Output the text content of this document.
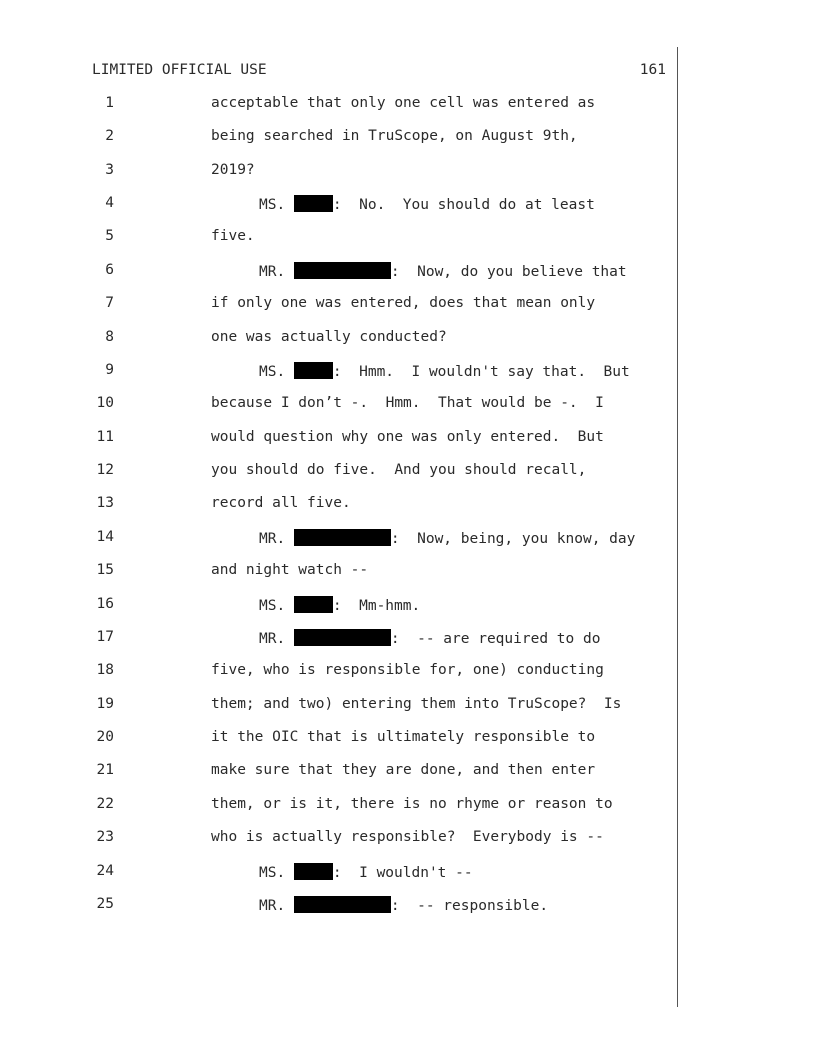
LIMITED OFFICIAL USE	161
1	acceptable that only one cell was entered as
2	being searched in TruScope, on August 9th,
3	2019?
4	MS.	:  No.  You should do at least
5	five.
6	MR.	:  Now, do you believe that
7	if only one was entered, does that mean only
8	one was actually conducted?
9	MS.	:  Hmm.  I wouldn't say that.  But
10	because I don’t -.  Hmm.  That would be -.  I
11	would question why one was only entered.  But
12	you should do five.  And you should recall,
13	record all five.
14	MR.	:  Now, being, you know, day
15	and night watch --
16	MS.	:  Mm-hmm.
17	MR.	:  -- are required to do
18	five, who is responsible for, one) conducting
19	them; and two) entering them into TruScope?  Is
20	it the OIC that is ultimately responsible to
21	make sure that they are done, and then enter
22	them, or is it, there is no rhyme or reason to
23	who is actually responsible?  Everybody is --
24	MS.	:  I wouldn't --
25	MR.	:  -- responsible.
